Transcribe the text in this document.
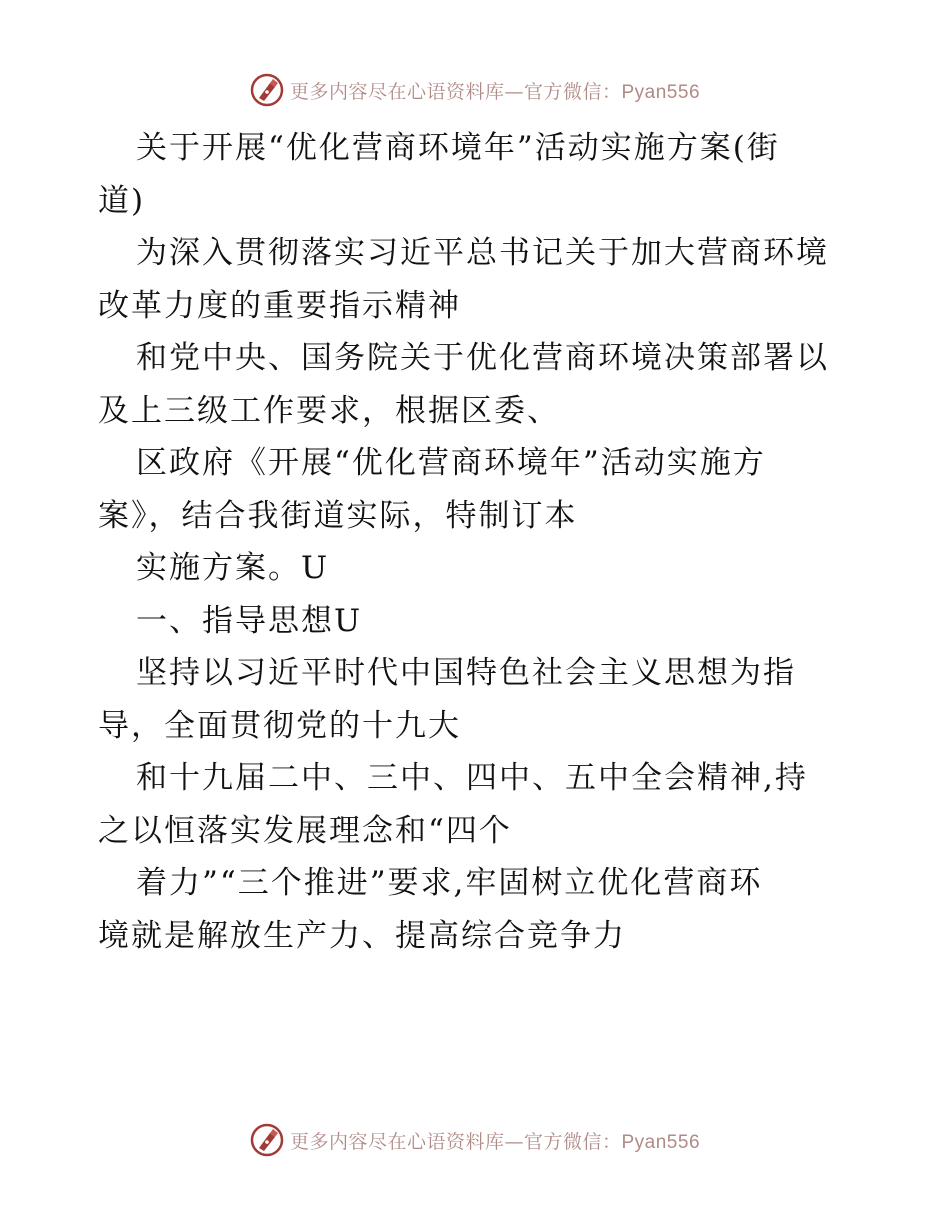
更多内容尽在心语资料库—官方微信：Pyan556
关于开展“优化营商环境年”活动实施方案(街
道)
为深入贯彻落实习近平总书记关于加大营商环境
改革力度的重要指示精神
和党中央、国务院关于优化营商环境决策部署以
及上三级工作要求，根据区委、
区政府《开展“优化营商环境年”活动实施方
案》，结合我街道实际，特制订本
实施方案。U
一、指导思想U
坚持以习近平时代中国特色社会主义思想为指
导，全面贯彻党的十九大
和十九届二中、三中、四中、五中全会精神,持
之以恒落实发展理念和“四个
着力”“三个推进”要求,牢固树立优化营商环
境就是解放生产力、提高综合竞争力
更多内容尽在心语资料库—官方微信：Pyan556
